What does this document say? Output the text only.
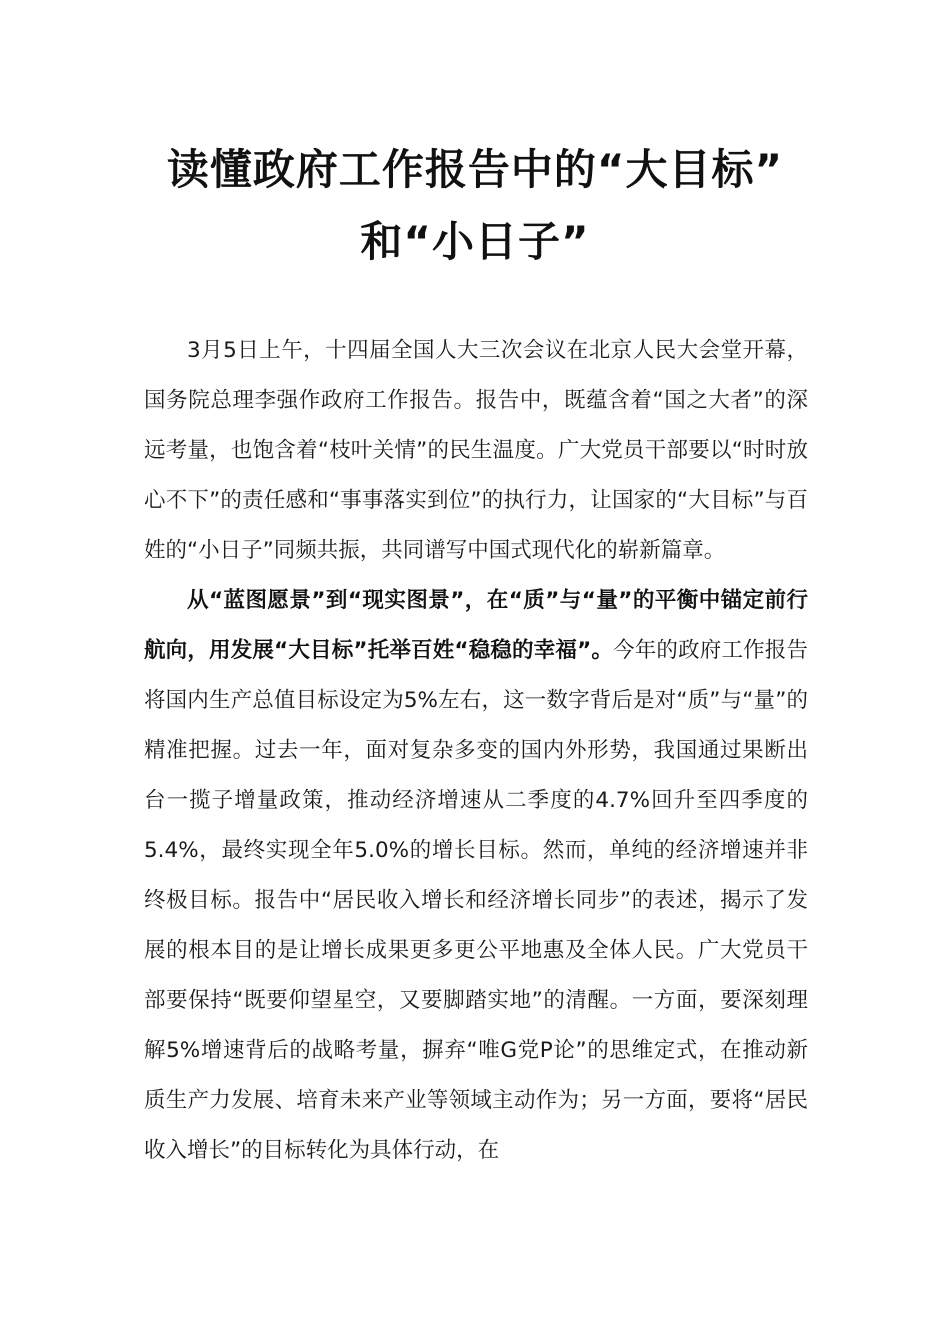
读懂政府工作报告中的“大目标”
和“小日子”

3月5日上午，十四届全国人大三次会议在北京人民大会堂开幕，国务院总理李强作政府工作报告。报告中，既蕴含着“国之大者”的深远考量，也饱含着“枝叶关情”的民生温度。广大党员干部要以“时时放心不下”的责任感和“事事落实到位”的执行力，让国家的“大目标”与百姓的“小日子”同频共振，共同谱写中国式现代化的崭新篇章。

从“蓝图愿景”到“现实图景”，在“质”与“量”的平衡中锚定前行航向，用发展“大目标”托举百姓“稳稳的幸福”。今年的政府工作报告将国内生产总值目标设定为5%左右，这一数字背后是对“质”与“量”的精准把握。过去一年，面对复杂多变的国内外形势，我国通过果断出台一揽子增量政策，推动经济增速从二季度的4.7%回升至四季度的5.4%，最终实现全年5.0%的增长目标。然而，单纯的经济增速并非终极目标。报告中“居民收入增长和经济增长同步”的表述，揭示了发展的根本目的是让增长成果更多更公平地惠及全体人民。广大党员干部要保持“既要仰望星空，又要脚踏实地”的清醒。一方面，要深刻理解5%增速背后的战略考量，摒弃“唯G党P论”的思维定式，在推动新质生产力发展、培育未来产业等领域主动作为；另一方面，要将“居民收入增长”的目标转化为具体行动，在
